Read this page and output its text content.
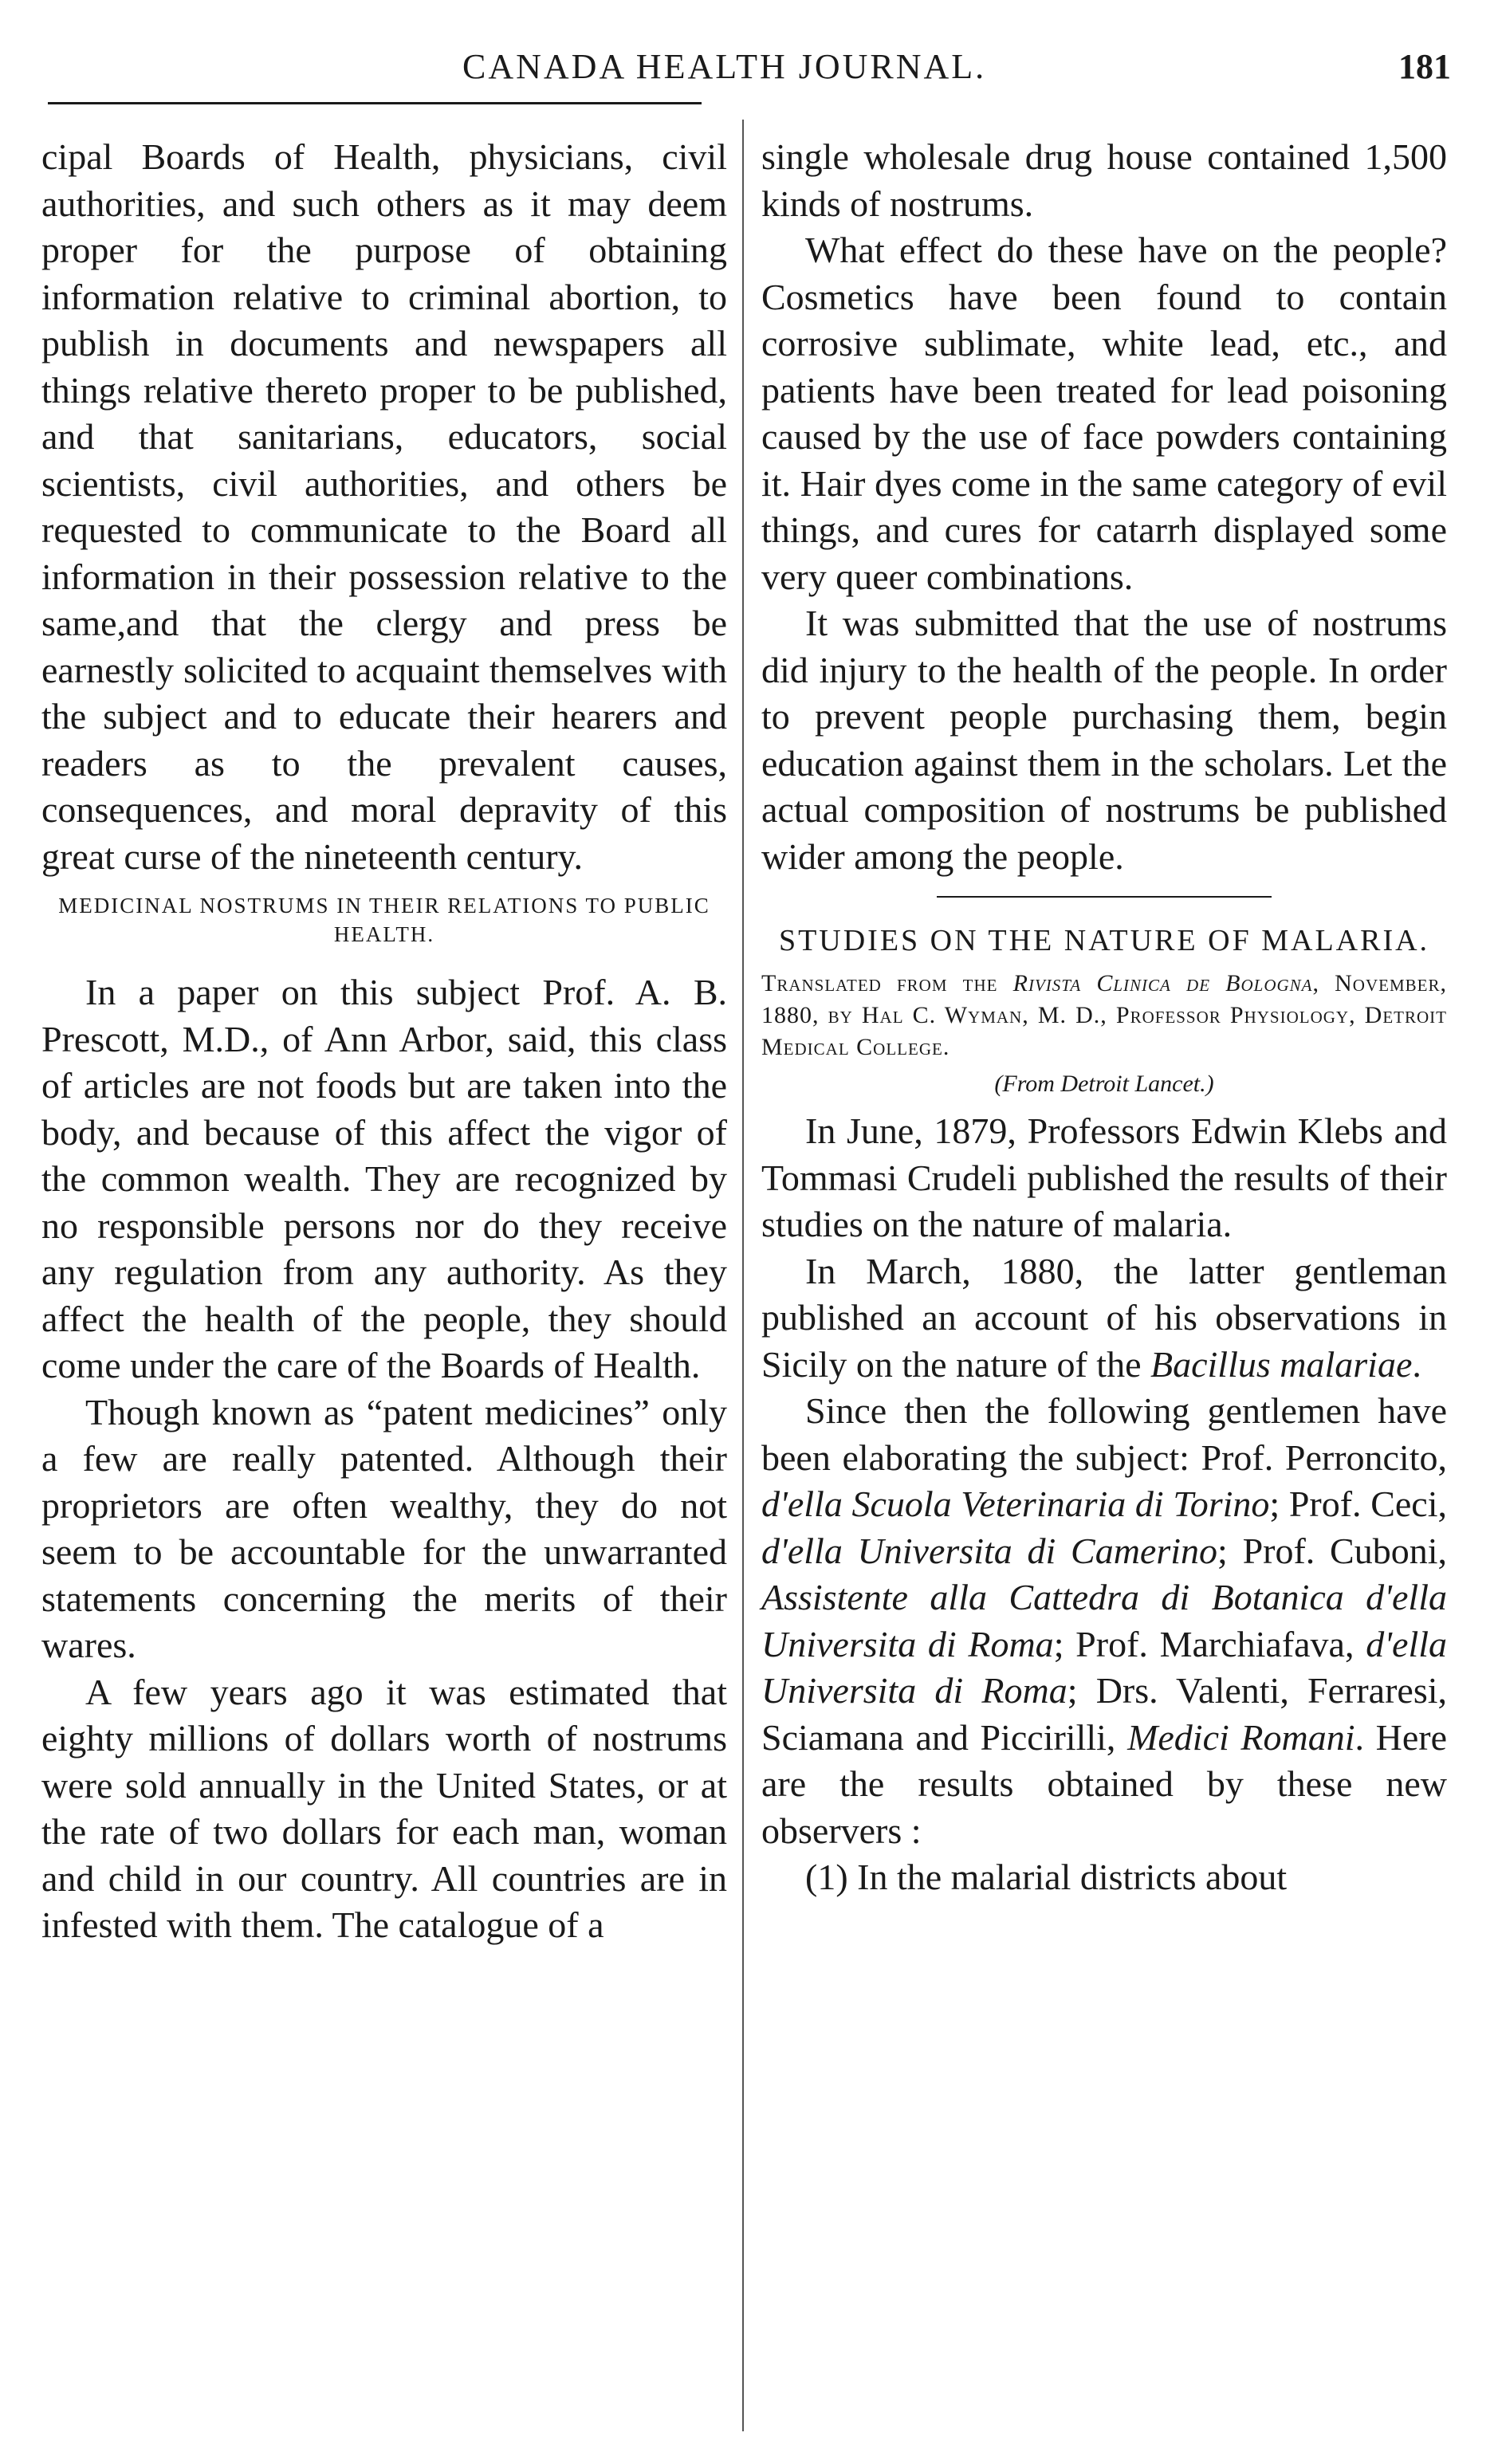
CANADA HEALTH JOURNAL.	181

cipal Boards of Health, physicians, civil authorities, and such others as it may deem proper for the purpose of obtaining information relative to criminal abortion, to publish in documents and newspapers all things relative thereto proper to be published, and that sanitarians, educators, social scientists, civil authorities, and others be requested to communicate to the Board all information in their possession relative to the same,and that the clergy and press be earnestly solicited to acquaint themselves with the subject and to educate their hearers and readers as to the prevalent causes, consequences, and moral depravity of this great curse of the nineteenth century.

MEDICINAL NOSTRUMS IN THEIR RELATIONS TO PUBLIC HEALTH.

In a paper on this subject Prof. A. B. Prescott, M.D., of Ann Arbor, said, this class of articles are not foods but are taken into the body, and because of this affect the vigor of the common wealth. They are recognized by no responsible persons nor do they receive any regulation from any authority. As they affect the health of the people, they should come under the care of the Boards of Health.

Though known as “patent medicines” only a few are really patented. Although their proprietors are often wealthy, they do not seem to be accountable for the unwarranted statements concerning the merits of their wares.

A few years ago it was estimated that eighty millions of dollars worth of nostrums were sold annually in the United States, or at the rate of two dollars for each man, woman and child in our country. All countries are in infested with them. The catalogue of a

single wholesale drug house contained 1,500 kinds of nostrums.

What effect do these have on the people? Cosmetics have been found to contain corrosive sublimate, white lead, etc., and patients have been treated for lead poisoning caused by the use of face powders containing it. Hair dyes come in the same category of evil things, and cures for catarrh displayed some very queer combinations.

It was submitted that the use of nostrums did injury to the health of the people. In order to prevent people purchasing them, begin education against them in the scholars. Let the actual composition of nostrums be published wider among the people.

STUDIES ON THE NATURE OF MALARIA.

Translated from the Rivista Clinica de Bologna, November, 1880, by Hal C. Wyman, M. D., Professor Physiology, Detroit Medical College.

(From Detroit Lancet.)

In June, 1879, Professors Edwin Klebs and Tommasi Crudeli published the results of their studies on the nature of malaria.

In March, 1880, the latter gentleman published an account of his observations in Sicily on the nature of the Bacillus malariae.

Since then the following gentlemen have been elaborating the subject: Prof. Perroncito, d'ella Scuola Veterinaria di Torino; Prof. Ceci, d'ella Universita di Camerino; Prof. Cuboni, Assistente alla Cattedra di Botanica d'ella Universita di Roma; Prof. Marchiafava, d'ella Universita di Roma; Drs. Valenti, Ferraresi, Sciamana and Piccirilli, Medici Romani. Here are the results obtained by these new observers :

(1) In the malarial districts about
